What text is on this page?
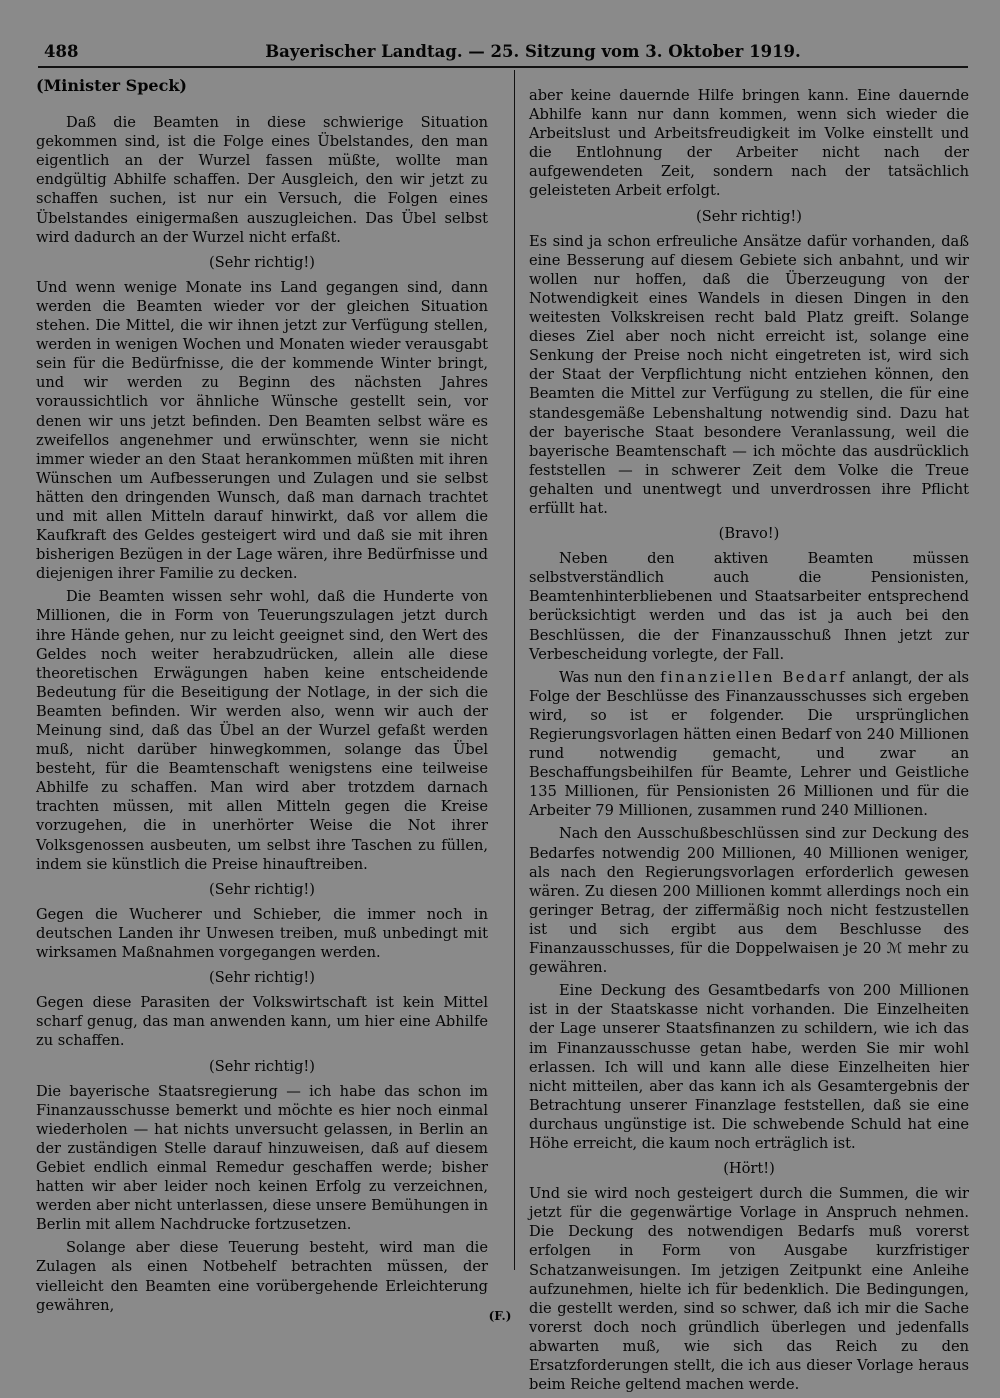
488	Bayerischer Landtag. — 25. Sitzung vom 3. Oktober 1919.
(Minister Speck)

Daß die Beamten in diese schwierige Situation gekommen sind, ist die Folge eines Übelstandes, den man eigentlich an der Wurzel fassen müßte, wollte man endgültig Abhilfe schaffen. Der Ausgleich, den wir jetzt zu schaffen suchen, ist nur ein Versuch, die Folgen eines Übelstandes einigermaßen auszugleichen. Das Übel selbst wird dadurch an der Wurzel nicht erfaßt.

(Sehr richtig!)

Und wenn wenige Monate ins Land gegangen sind, dann werden die Beamten wieder vor der gleichen Situation stehen. Die Mittel, die wir ihnen jetzt zur Verfügung stellen, werden in wenigen Wochen und Monaten wieder verausgabt sein für die Bedürfnisse, die der kommende Winter bringt, und wir werden zu Beginn des nächsten Jahres voraussichtlich vor ähnliche Wünsche gestellt sein, vor denen wir uns jetzt befinden. Den Beamten selbst wäre es zweifellos angenehmer und erwünschter, wenn sie nicht immer wieder an den Staat herankommen müßten mit ihren Wünschen um Aufbesserungen und Zulagen und sie selbst hätten den dringenden Wunsch, daß man darnach trachtet und mit allen Mitteln darauf hinwirkt, daß vor allem die Kaufkraft des Geldes gesteigert wird und daß sie mit ihren bisherigen Bezügen in der Lage wären, ihre Bedürfnisse und diejenigen ihrer Familie zu decken.

Die Beamten wissen sehr wohl, daß die Hunderte von Millionen, die in Form von Teuerungszulagen jetzt durch ihre Hände gehen, nur zu leicht geeignet sind, den Wert des Geldes noch weiter herabzudrücken, allein alle diese theoretischen Erwägungen haben keine entscheidende Bedeutung für die Beseitigung der Notlage, in der sich die Beamten befinden. Wir werden also, wenn wir auch der Meinung sind, daß das Übel an der Wurzel gefaßt werden muß, nicht darüber hinwegkommen, solange das Übel besteht, für die Beamtenschaft wenigstens eine teilweise Abhilfe zu schaffen. Man wird aber trotzdem darnach trachten müssen, mit allen Mitteln gegen die Kreise vorzugehen, die in unerhörter Weise die Not ihrer Volksgenossen ausbeuten, um selbst ihre Taschen zu füllen, indem sie künstlich die Preise hinauftreiben.

(Sehr richtig!)

Gegen die Wucherer und Schieber, die immer noch in deutschen Landen ihr Unwesen treiben, muß unbedingt mit wirksamen Maßnahmen vorgegangen werden.

(Sehr richtig!)

Gegen diese Parasiten der Volkswirtschaft ist kein Mittel scharf genug, das man anwenden kann, um hier eine Abhilfe zu schaffen.

(Sehr richtig!)

Die bayerische Staatsregierung — ich habe das schon im Finanzausschusse bemerkt und möchte es hier noch einmal wiederholen — hat nichts unversucht gelassen, in Berlin an der zuständigen Stelle darauf hinzuweisen, daß auf diesem Gebiet endlich einmal Remedur geschaffen werde; bisher hatten wir aber leider noch keinen Erfolg zu verzeichnen, werden aber nicht unterlassen, diese unsere Bemühungen in Berlin mit allem Nachdrucke fortzusetzen.

Solange aber diese Teuerung besteht, wird man die Zulagen als einen Notbehelf betrachten müssen, der vielleicht den Beamten eine vorübergehende Erleichterung gewähren,

aber keine dauernde Hilfe bringen kann. Eine dauernde Abhilfe kann nur dann kommen, wenn sich wieder die Arbeitslust und Arbeitsfreudigkeit im Volke einstellt und die Entlohnung der Arbeiter nicht nach der aufgewendeten Zeit, sondern nach der tatsächlich geleisteten Arbeit erfolgt.

(Sehr richtig!)

Es sind ja schon erfreuliche Ansätze dafür vorhanden, daß eine Besserung auf diesem Gebiete sich anbahnt, und wir wollen nur hoffen, daß die Überzeugung von der Notwendigkeit eines Wandels in diesen Dingen in den weitesten Volkskreisen recht bald Platz greift. Solange dieses Ziel aber noch nicht erreicht ist, solange eine Senkung der Preise noch nicht eingetreten ist, wird sich der Staat der Verpflichtung nicht entziehen können, den Beamten die Mittel zur Verfügung zu stellen, die für eine standesgemäße Lebenshaltung notwendig sind. Dazu hat der bayerische Staat besondere Veranlassung, weil die bayerische Beamtenschaft — ich möchte das ausdrücklich feststellen — in schwerer Zeit dem Volke die Treue gehalten und unentwegt und unverdrossen ihre Pflicht erfüllt hat.

(Bravo!)

Neben den aktiven Beamten müssen selbstverständlich auch die Pensionisten, Beamtenhinterbliebenen und Staatsarbeiter entsprechend berücksichtigt werden und das ist ja auch bei den Beschlüssen, die der Finanzausschuß Ihnen jetzt zur Verbescheidung vorlegte, der Fall.

Was nun den finanziellen Bedarf anlangt, der als Folge der Beschlüsse des Finanzausschusses sich ergeben wird, so ist er folgender. Die ursprünglichen Regierungsvorlagen hätten einen Bedarf von 240 Millionen rund notwendig gemacht, und zwar an Beschaffungsbeihilfen für Beamte, Lehrer und Geistliche 135 Millionen, für Pensionisten 26 Millionen und für die Arbeiter 79 Millionen, zusammen rund 240 Millionen.

Nach den Ausschußbeschlüssen sind zur Deckung des Bedarfes notwendig 200 Millionen, 40 Millionen weniger, als nach den Regierungsvorlagen erforderlich gewesen wären. Zu diesen 200 Millionen kommt allerdings noch ein geringer Betrag, der ziffermäßig noch nicht festzustellen ist und sich ergibt aus dem Beschlusse des Finanzausschusses, für die Doppelwaisen je 20 ℳ mehr zu gewähren.

Eine Deckung des Gesamtbedarfs von 200 Millionen ist in der Staatskasse nicht vorhanden. Die Einzelheiten der Lage unserer Staatsfinanzen zu schildern, wie ich das im Finanzausschusse getan habe, werden Sie mir wohl erlassen. Ich will und kann alle diese Einzelheiten hier nicht mitteilen, aber das kann ich als Gesamtergebnis der Betrachtung unserer Finanzlage feststellen, daß sie eine durchaus ungünstige ist. Die schwebende Schuld hat eine Höhe erreicht, die kaum noch erträglich ist.

(Hört!)

Und sie wird noch gesteigert durch die Summen, die wir jetzt für die gegenwärtige Vorlage in Anspruch nehmen. Die Deckung des notwendigen Bedarfs muß vorerst erfolgen in Form von Ausgabe kurzfristiger Schatzanweisungen. Im jetzigen Zeitpunkt eine Anleihe aufzunehmen, hielte ich für bedenklich. Die Bedingungen, die gestellt werden, sind so schwer, daß ich mir die Sache vorerst doch noch gründlich überlegen und jedenfalls abwarten muß, wie sich das Reich zu den Ersatzforderungen stellt, die ich aus dieser Vorlage heraus beim Reiche geltend machen werde.

(F.)
